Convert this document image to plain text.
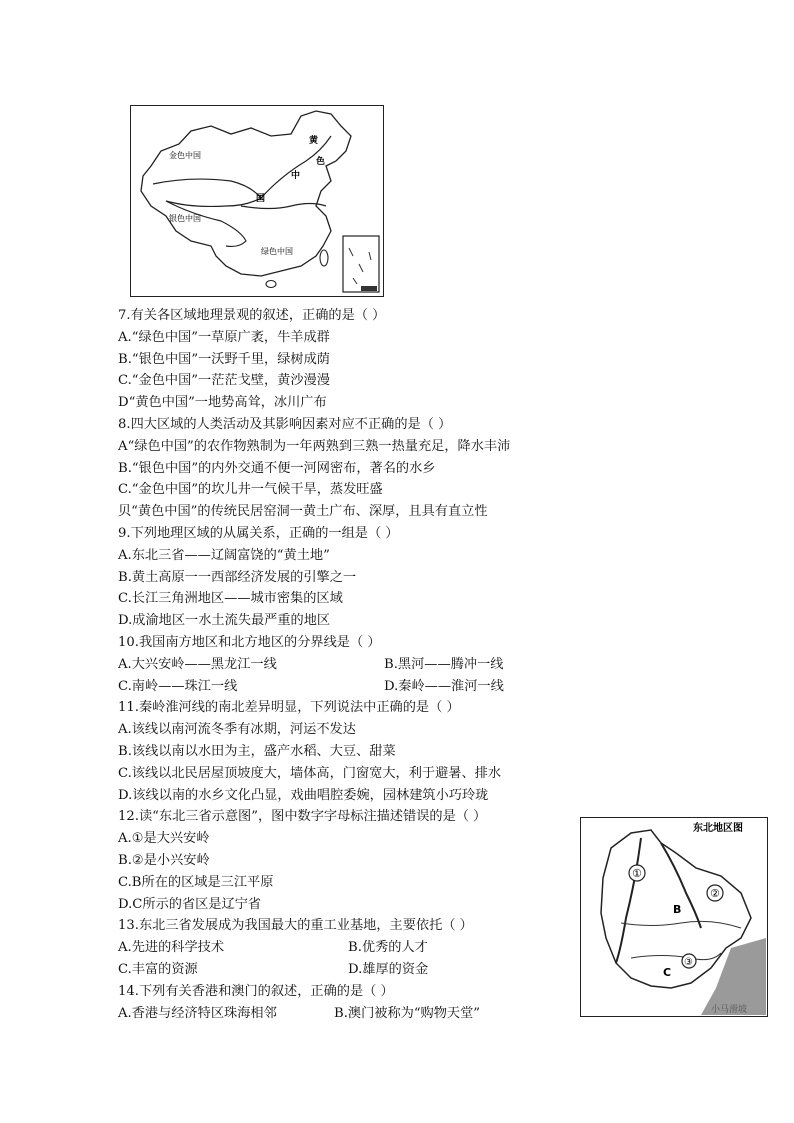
金色中国
银色中国
绿色中国
黄
色
中
国
东北地区图
①
②
③
B
C
小马滑坡
7.有关各区域地理景观的叙述，正确的是（ ）
A.“绿色中国”一草原广袤，牛羊成群
B.“银色中国”一沃野千里，绿树成荫
C.“金色中国”一茫茫戈壁，黄沙漫漫
D“黄色中国”一地势高耸，冰川广布
8.四大区域的人类活动及其影响因素对应不正确的是（ ）
A“绿色中国”的农作物熟制为一年两熟到三熟一热量充足，降水丰沛
B.“银色中国”的内外交通不便一河网密布，著名的水乡
C.“金色中国”的坎儿井一气候干旱，蒸发旺盛
贝“黄色中国”的传统民居窑洞一黄土广布、深厚，且具有直立性
9.下列地理区域的从属关系，正确的一组是（ ）
A.东北三省——辽阔富饶的“黄土地”
B.黄土高原一一西部经济发展的引擎之一
C.长江三角洲地区——城市密集的区域
D.成渝地区一水土流失最严重的地区
10.我国南方地区和北方地区的分界线是（ ）
A.大兴安岭——黑龙江一线	B.黑河——腾冲一线
C.南岭——珠江一线	D.秦岭——淮河一线
11.秦岭淮河线的南北差异明显，下列说法中正确的是（ ）
A.该线以南河流冬季有冰期，河运不发达
B.该线以南以水田为主，盛产水稻、大豆、甜菜
C.该线以北民居屋顶坡度大，墙体高，门窗宽大，利于避暑、排水
D.该线以南的水乡文化凸显，戏曲唱腔委婉，园林建筑小巧玲珑
12.读“东北三省示意图”，图中数字字母标注描述错误的是（ ）
A.①是大兴安岭
B.②是小兴安岭
C.B所在的区域是三江平原
D.C所示的省区是辽宁省
13.东北三省发展成为我国最大的重工业基地，主要依托（ ）
A.先进的科学技术	B.优秀的人才
C.丰富的资源	D.雄厚的资金
14.下列有关香港和澳门的叙述，正确的是（ ）
A.香港与经济特区珠海相邻	B.澳门被称为“购物天堂”
